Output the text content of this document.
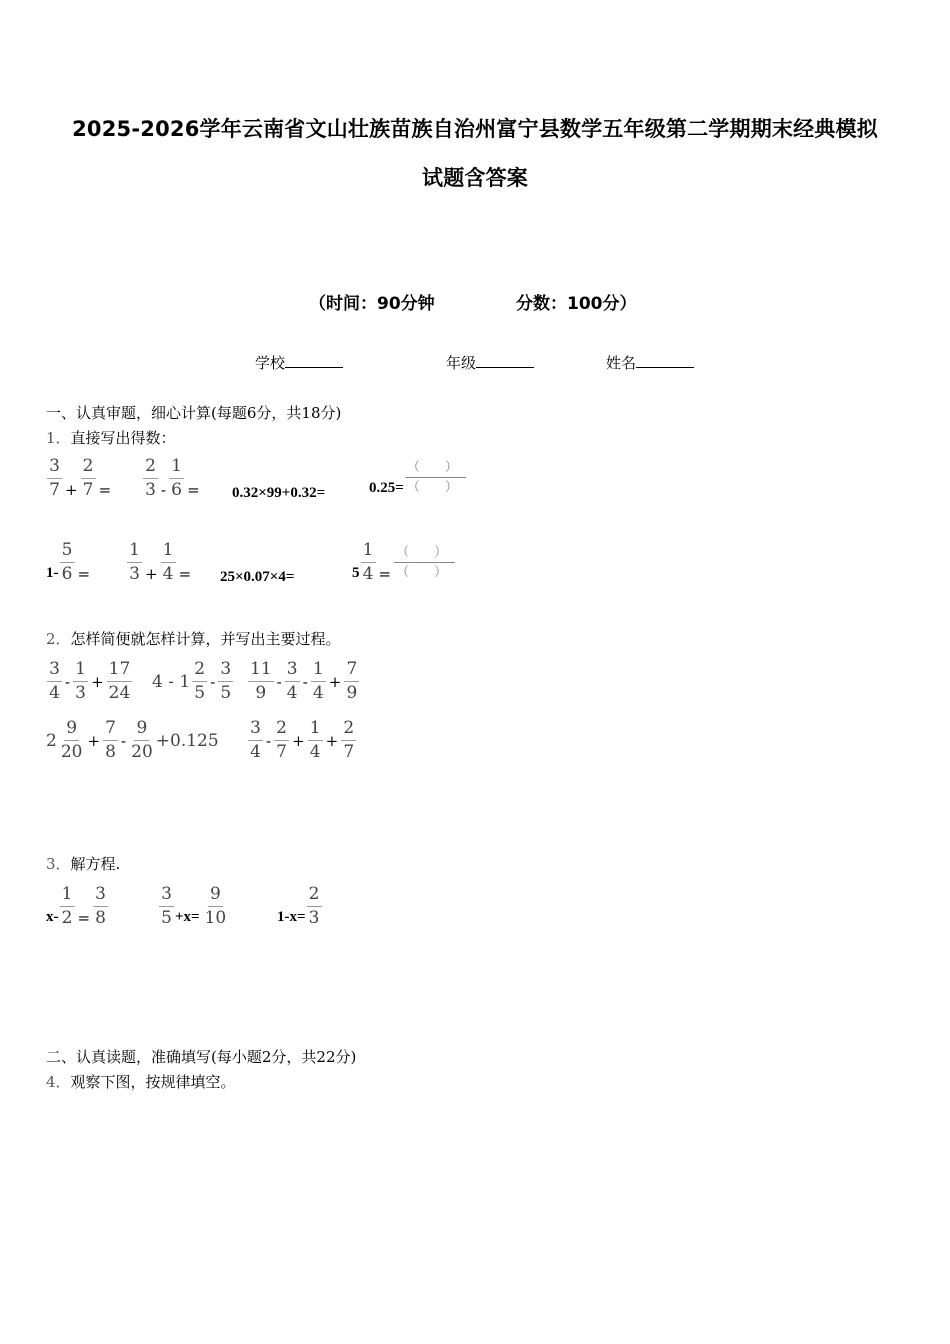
2025-2026学年云南省文山壮族苗族自治州富宁县数学五年级第二学期期末经典模拟
试题含答案
（时间：90分钟	分数：100分）
学校	年级	姓名
一、认真审题，细心计算(每题6分，共18分)
1．直接写出得数：
$\frac{3}{7} + \frac{2}{7} = \frac{2}{3} - \frac{1}{6} = 0.32\times 99+0.32=$	$0.25= \frac{( )}{( )}$
$1- \frac{5}{6} = \frac{1}{3} + \frac{1}{4} = 25\times 0.07\times 4=$	$5 \frac{1}{4} = \frac{( )}{( )}$
2．怎样简便就怎样计算，并写出主要过程。
$\frac{3}{4} - \frac{1}{3} + \frac{17}{24} 4 - 1 \frac{2}{5} - \frac{3}{5} \frac{11}{9} - \frac{3}{4} - \frac{1}{4} + \frac{7}{9}$
$2 \frac{9}{20} + \frac{7}{8} - \frac{9}{20} +0.125 \frac{3}{4} - \frac{2}{7} + \frac{1}{4} + \frac{2}{7}$
3．解方程.
$x- \frac{1}{2} = \frac{3}{8}$	$\frac{3}{5} +x= \frac{9}{10}$	$1-x= \frac{2}{3}$
二、认真读题，准确填写(每小题2分，共22分)
4．观察下图，按规律填空。
